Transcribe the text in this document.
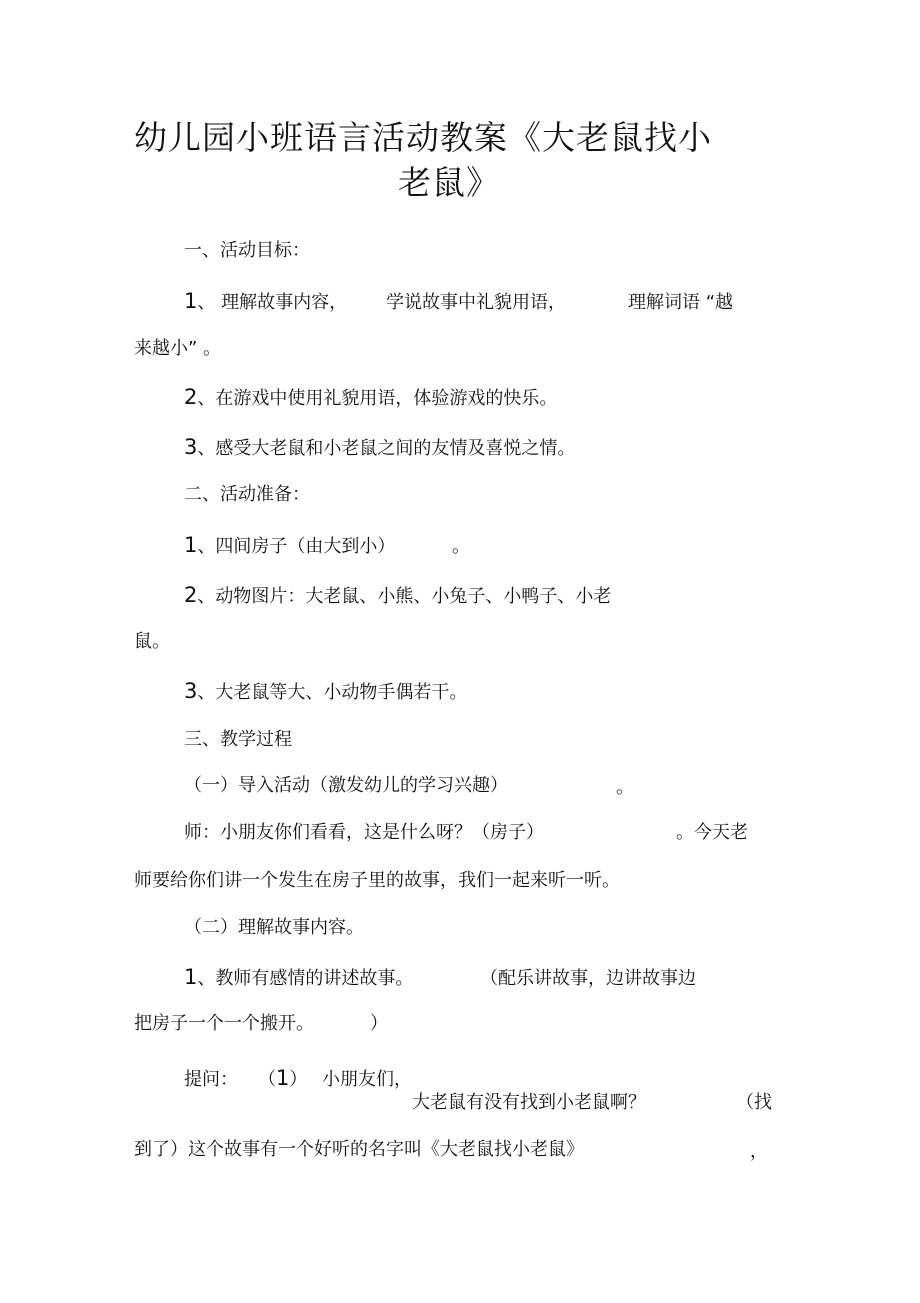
幼儿园小班语言活动教案《大老鼠找小
老鼠》
一、活动目标：
1、 理解故事内容， 学说故事中礼貌用语，	理解词语 “越
来越小” 。
2、在游戏中使用礼貌用语，体验游戏的快乐。
3、感受大老鼠和小老鼠之间的友情及喜悦之情。
二、活动准备：
1、四间房子（由大到小）	。
2、动物图片：大老鼠、小熊、小兔子、小鸭子、小老
鼠。
3、大老鼠等大、小动物手偶若干。
三、教学过程
（一）导入活动（激发幼儿的学习兴趣）	。
师：小朋友你们看看，这是什么呀？（房子）	。今天老
师要给你们讲一个发生在房子里的故事，我们一起来听一听。
（二）理解故事内容。
1、教师有感情的讲述故事。	（配乐讲故事，边讲故事边
把房子一个一个搬开。	）
提问： （1） 小朋友们，
大老鼠有没有找到小老鼠啊？	（找
到了）这个故事有一个好听的名字叫《大老鼠找小老鼠》	，
